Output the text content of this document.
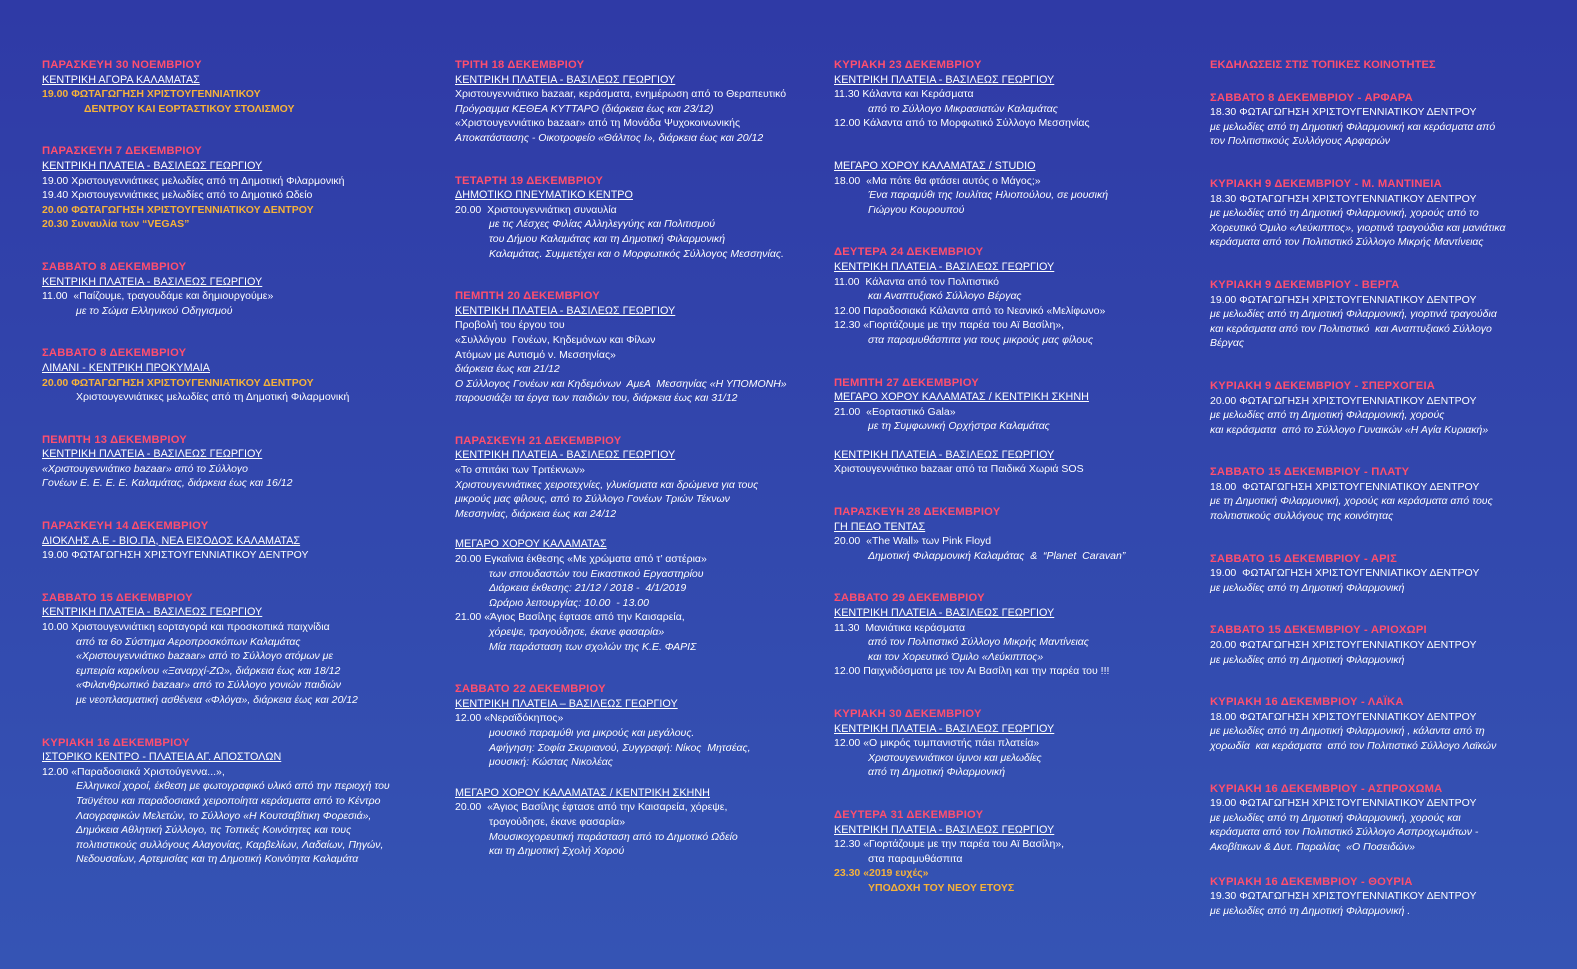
ΠΑΡΑΣΚΕΥΗ 30 ΝΟΕΜΒΡΙΟΥ
ΚΕΝΤΡΙΚΗ ΑΓΟΡΑ ΚΑΛΑΜΑΤΑΣ
19.00 ΦΩΤΑΓΩΓΗΣΗ ΧΡΙΣΤΟΥΓΕΝΝΙΑΤΙΚΟΥ
ΔΕΝΤΡΟΥ ΚΑΙ ΕΟΡΤΑΣΤΙΚΟΥ ΣΤΟΛΙΣΜΟΥ
ΠΑΡΑΣΚΕΥΗ 7 ΔΕΚΕΜΒΡΙΟΥ
ΚΕΝΤΡΙΚΗ ΠΛΑΤΕΙΑ - ΒΑΣΙΛΕΩΣ ΓΕΩΡΓΙΟΥ
19.00 Χριστουγεννιάτικες μελωδίες από τη Δημοτική Φιλαρμονική
19.40 Χριστουγεννιάτικες μελωδίες από το Δημοτικό Ωδείο
20.00 ΦΩΤΑΓΩΓΗΣΗ ΧΡΙΣΤΟΥΓΕΝΝΙΑΤΙΚΟΥ ΔΕΝΤΡΟΥ
20.30 Συναυλία των “VEGAS”
ΣΑΒΒΑΤΟ 8 ΔΕΚΕΜΒΡΙΟΥ
ΚΕΝΤΡΙΚΗ ΠΛΑΤΕΙΑ - ΒΑΣΙΛΕΩΣ ΓΕΩΡΓΙΟΥ
11.00  «Παίζουμε, τραγουδάμε και δημιουργούμε»
με το Σώμα Ελληνικού Οδηγισμού
ΣΑΒΒΑΤΟ 8 ΔΕΚΕΜΒΡΙΟΥ
ΛΙΜΑΝΙ - ΚΕΝΤΡΙΚΗ ΠΡΟΚΥΜΑΙΑ
20.00 ΦΩΤΑΓΩΓΗΣΗ ΧΡΙΣΤΟΥΓΕΝΝΙΑΤΙΚΟΥ ΔΕΝΤΡΟΥ
Χριστουγεννιάτικες μελωδίες από τη Δημοτική Φιλαρμονική
ΠΕΜΠΤΗ 13 ΔΕΚΕΜΒΡΙΟΥ
ΚΕΝΤΡΙΚΗ ΠΛΑΤΕΙΑ - ΒΑΣΙΛΕΩΣ ΓΕΩΡΓΙΟΥ
«Χριστουγεννιάτικο bazaar» από το Σύλλογο
Γονέων Ε. Ε. Ε. Ε. Καλαμάτας, διάρκεια έως και 16/12
ΠΑΡΑΣΚΕΥΗ 14 ΔΕΚΕΜΒΡΙΟΥ
ΔΙΟΚΛΗΣ Α.Ε - ΒΙΟ.ΠΑ, ΝΕΑ ΕΙΣΟΔΟΣ ΚΑΛΑΜΑΤΑΣ
19.00 ΦΩΤΑΓΩΓΗΣΗ ΧΡΙΣΤΟΥΓΕΝΝΙΑΤΙΚΟΥ ΔΕΝΤΡΟΥ
ΣΑΒΒΑΤΟ 15 ΔΕΚΕΜΒΡΙΟΥ
ΚΕΝΤΡΙΚΗ ΠΛΑΤΕΙΑ - ΒΑΣΙΛΕΩΣ ΓΕΩΡΓΙΟΥ
10.00 Χριστουγεννιάτικη εορταγορά και προσκοπικά παιχνίδια
από τα 6ο Σύστημα Αεροπροσκόπων Καλαμάτας
«Χριστουγεννιάτικο bazaar» από το Σύλλογο ατόμων με
εμπειρία καρκίνου «Ξαναρχί-ΖΩ», διάρκεια έως και 18/12
«Φιλανθρωπικό bazaar» από το Σύλλογο γονιών παιδιών
με νεοπλασματική ασθένεια «Φλόγα», διάρκεια έως και 20/12
ΚΥΡΙΑΚΗ 16 ΔΕΚΕΜΒΡΙΟΥ
ΙΣΤΟΡΙΚΟ ΚΕΝΤΡΟ - ΠΛΑΤΕΙΑ ΑΓ. ΑΠΟΣΤΟΛΩΝ
12.00 «Παραδοσιακά Χριστούγεννα...»,
Ελληνικοί χοροί, έκθεση με φωτογραφικό υλικό από την περιοχή του
Ταϋγέτου και παραδοσιακά χειροποίητα κεράσματα από το Κέντρο
Λαογραφικών Μελετών, το Σύλλογο «Η Κουτσαβίτικη Φορεσιά»,
Δημόκεια Αθλητική Σύλλογο, τις Τοπικές Κοινότητες και τους
πολιτιστικούς συλλόγους Αλαγονίας, Καρβελίων, Λαδαίων, Πηγών,
Νεδουσαίων, Αρτεμισίας και τη Δημοτική Κοινότητα Καλαμάτα
ΤΡΙΤΗ 18 ΔΕΚΕΜΒΡΙΟΥ
ΚΕΝΤΡΙΚΗ ΠΛΑΤΕΙΑ - ΒΑΣΙΛΕΩΣ ΓΕΩΡΓΙΟΥ
Χριστουγεννιάτικο bazaar, κεράσματα, ενημέρωση από το Θεραπευτικό
Πρόγραμμα ΚΕΘΕΑ ΚΥΤΤΑΡΟ (διάρκεια έως και 23/12)
«Χριστουγεννιάτικο bazaar» από τη Μονάδα Ψυχοκοινωνικής
Αποκατάστασης - Οικοτροφείο «Θάλπος Ι», διάρκεια έως και 20/12
ΤΕΤΑΡΤΗ 19 ΔΕΚΕΜΒΡΙΟΥ
ΔΗΜΟΤΙΚΟ ΠΝΕΥΜΑΤΙΚΟ ΚΕΝΤΡΟ
20.00  Χριστουγεννιάτικη συναυλία
με τις Λέσχες Φιλίας Αλληλεγγύης και Πολιτισμού
του Δήμου Καλαμάτας και τη Δημοτική Φιλαρμονική
Καλαμάτας. Συμμετέχει και ο Μορφωτικός Σύλλογος Μεσσηνίας.
ΠΕΜΠΤΗ 20 ΔΕΚΕΜΒΡΙΟΥ
ΚΕΝΤΡΙΚΗ ΠΛΑΤΕΙΑ - ΒΑΣΙΛΕΩΣ ΓΕΩΡΓΙΟΥ
Προβολή του έργου του
«Συλλόγου  Γονέων, Κηδεμόνων και Φίλων
Ατόμων με Αυτισμό ν. Μεσσηνίας»
διάρκεια έως και 21/12
Ο Σύλλογος Γονέων και Κηδεμόνων  ΑμεΑ  Μεσσηνίας «Η ΥΠΟΜΟΝΗ»
παρουσιάζει τα έργα των παιδιών του, διάρκεια έως και 31/12
ΠΑΡΑΣΚΕΥΗ 21 ΔΕΚΕΜΒΡΙΟΥ
ΚΕΝΤΡΙΚΗ ΠΛΑΤΕΙΑ - ΒΑΣΙΛΕΩΣ ΓΕΩΡΓΙΟΥ
«Το σπιτάκι των Τριτέκνων»
Χριστουγεννιάτικες χειροτεχνίες, γλυκίσματα και δρώμενα για τους
μικρούς μας φίλους, από το Σύλλογο Γονέων Τριών Τέκνων
Μεσσηνίας, διάρκεια έως και 24/12
ΜΕΓΑΡΟ ΧΟΡΟΥ ΚΑΛΑΜΑΤΑΣ
20.00 Εγκαίνια έκθεσης «Με χρώματα από τ’ αστέρια»
των σπουδαστών του Εικαστικού Εργαστηρίου
Διάρκεια έκθεσης: 21/12 / 2018 -  4/1/2019
Ωράριο λειτουργίας: 10.00  - 13.00
21.00 «Άγιος Βασίλης έφτασε από την Καισαρεία,
χόρεψε, τραγούδησε, έκανε φασαρία»
Μία παράσταση των σχολών της Κ.Ε. ΦΑΡΙΣ
ΣΑΒΒΑΤΟ 22 ΔΕΚΕΜΒΡΙΟΥ
ΚΕΝΤΡΙΚΗ ΠΛΑΤΕΙΑ – ΒΑΣΙΛΕΩΣ ΓΕΩΡΓΙΟΥ
12.00 «Νεραϊδόκηπος»
μουσικό παραμύθι για μικρούς και μεγάλους.
Αφήγηση: Σοφία Σκυριανού, Συγγραφή: Νίκος  Μητσέας,
μουσική: Κώστας Νικολέας
ΜΕΓΑΡΟ ΧΟΡΟΥ ΚΑΛΑΜΑΤΑΣ / ΚΕΝΤΡΙΚΗ ΣΚΗΝΗ
20.00  «Άγιος Βασίλης έφτασε από την Καισαρεία, χόρεψε,
τραγούδησε, έκανε φασαρία»
Μουσικοχορευτική παράσταση από το Δημοτικό Ωδείο
και τη Δημοτική Σχολή Χορού
ΚΥΡΙΑΚΗ 23 ΔΕΚΕΜΒΡΙΟΥ
ΚΕΝΤΡΙΚΗ ΠΛΑΤΕΙΑ - ΒΑΣΙΛΕΩΣ ΓΕΩΡΓΙΟΥ
11.30 Κάλαντα και Κεράσματα
από το Σύλλογο Μικρασιατών Καλαμάτας
12.00 Κάλαντα από το Μορφωτικό Σύλλογο Μεσσηνίας
ΜΕΓΑΡΟ ΧΟΡΟΥ ΚΑΛΑΜΑΤΑΣ / STUDIO
18.00  «Μα πότε θα φτάσει αυτός ο Μάγος;»
Ένα παραμύθι της Ιουλίτας Ηλιοπούλου, σε μουσική
Γιώργου Κουρουπού
ΔΕΥΤΕΡΑ 24 ΔΕΚΕΜΒΡΙΟΥ
ΚΕΝΤΡΙΚΗ ΠΛΑΤΕΙΑ - ΒΑΣΙΛΕΩΣ ΓΕΩΡΓΙΟΥ
11.00  Κάλαντα από τον Πολιτιστικό
και Αναπτυξιακό Σύλλογο Βέργας
12.00 Παραδοσιακά Κάλαντα από το Νεανικό «Μελίφωνο»
12.30 «Γιορτάζουμε με την παρέα του Αϊ Βασίλη»,
στα παραμυθάσπιτα για τους μικρούς μας φίλους
ΠΕΜΠΤΗ 27 ΔΕΚΕΜΒΡΙΟΥ
ΜΕΓΑΡΟ ΧΟΡΟΥ ΚΑΛΑΜΑΤΑΣ / ΚΕΝΤΡΙΚΗ ΣΚΗΝΗ
21.00  «Εορταστικό Gala»
με τη Συμφωνική Ορχήστρα Καλαμάτας
ΚΕΝΤΡΙΚΗ ΠΛΑΤΕΙΑ - ΒΑΣΙΛΕΩΣ ΓΕΩΡΓΙΟΥ
Χριστουγεννιάτικο bazaar από τα Παιδικά Χωριά SOS
ΠΑΡΑΣΚΕΥΗ 28 ΔΕΚΕΜΒΡΙΟΥ
ΓΗ ΠΕΔΟ ΤΕΝΤΑΣ
20.00  «The Wall» των Pink Floyd
Δημοτική Φιλαρμονική Καλαμάτας  &  “Planet  Caravan”
ΣΑΒΒΑΤΟ 29 ΔΕΚΕΜΒΡΙΟΥ
ΚΕΝΤΡΙΚΗ ΠΛΑΤΕΙΑ - ΒΑΣΙΛΕΩΣ ΓΕΩΡΓΙΟΥ
11.30  Μανιάτικα κεράσματα
από τον Πολιτιστικό Σύλλογο Μικρής Μαντίνειας
και τον Χορευτικό Όμιλο «Λεύκιππος»
12.00 Παιχνιδόσματα με τον Αι Βασίλη και την παρέα του !!!
ΚΥΡΙΑΚΗ 30 ΔΕΚΕΜΒΡΙΟΥ
ΚΕΝΤΡΙΚΗ ΠΛΑΤΕΙΑ - ΒΑΣΙΛΕΩΣ ΓΕΩΡΓΙΟΥ
12.00 «Ο μικρός τυμπανιστής πάει πλατεία»
Χριστουγεννιάτικοι ύμνοι και μελωδίες
από τη Δημοτική Φιλαρμονική
ΔΕΥΤΕΡΑ 31 ΔΕΚΕΜΒΡΙΟΥ
ΚΕΝΤΡΙΚΗ ΠΛΑΤΕΙΑ - ΒΑΣΙΛΕΩΣ ΓΕΩΡΓΙΟΥ
12.30 «Γιορτάζουμε με την παρέα του Αϊ Βασίλη»,
στα παραμυθάσπιτα
23.30 «2019 ευχές»
ΥΠΟΔΟΧΗ ΤΟΥ ΝΕΟΥ ΕΤΟΥΣ
ΕΚΔΗΛΩΣΕΙΣ ΣΤΙΣ ΤΟΠΙΚΕΣ ΚΟΙΝΟΤΗΤΕΣ
ΣΑΒΒΑΤΟ 8 ΔΕΚΕΜΒΡΙΟΥ - ΑΡΦΑΡΑ
18.30 ΦΩΤΑΓΩΓΗΣΗ ΧΡΙΣΤΟΥΓΕΝΝΙΑΤΙΚΟΥ ΔΕΝΤΡΟΥ
με μελωδίες από τη Δημοτική Φιλαρμονική και κεράσματα από
τον Πολιτιστικούς Συλλόγους Αρφαρών
ΚΥΡΙΑΚΗ 9 ΔΕΚΕΜΒΡΙΟΥ - Μ. ΜΑΝΤΙΝΕΙΑ
18.30 ΦΩΤΑΓΩΓΗΣΗ ΧΡΙΣΤΟΥΓΕΝΝΙΑΤΙΚΟΥ ΔΕΝΤΡΟΥ
με μελωδίες από τη Δημοτική Φιλαρμονική, χορούς από το
Χορευτικό Όμιλο «Λεύκιππος», γιορτινά τραγούδια και μανιάτικα
κεράσματα από τον Πολιτιστικό Σύλλογο Μικρής Μαντίνειας
ΚΥΡΙΑΚΗ 9 ΔΕΚΕΜΒΡΙΟΥ - ΒΕΡΓΑ
19.00 ΦΩΤΑΓΩΓΗΣΗ ΧΡΙΣΤΟΥΓΕΝΝΙΑΤΙΚΟΥ ΔΕΝΤΡΟΥ
με μελωδίες από τη Δημοτική Φιλαρμονική, γιορτινά τραγούδια
και κεράσματα από τον Πολιτιστικό  και Αναπτυξιακό Σύλλογο
Βέργας
ΚΥΡΙΑΚΗ 9 ΔΕΚΕΜΒΡΙΟΥ - ΣΠΕΡΧΟΓΕΙΑ
20.00 ΦΩΤΑΓΩΓΗΣΗ ΧΡΙΣΤΟΥΓΕΝΝΙΑΤΙΚΟΥ ΔΕΝΤΡΟΥ
με μελωδίες από τη Δημοτική Φιλαρμονική, χορούς
και κεράσματα  από το Σύλλογο Γυναικών «Η Αγία Κυριακή»
ΣΑΒΒΑΤΟ 15 ΔΕΚΕΜΒΡΙΟΥ - ΠΛΑΤΥ
18.00  ΦΩΤΑΓΩΓΗΣΗ ΧΡΙΣΤΟΥΓΕΝΝΙΑΤΙΚΟΥ ΔΕΝΤΡΟΥ
με τη Δημοτική Φιλαρμονική, χορούς και κεράσματα από τους
πολιτιστικούς συλλόγους της κοινότητας
ΣΑΒΒΑΤΟ 15 ΔΕΚΕΜΒΡΙΟΥ - ΑΡΙΣ
19.00  ΦΩΤΑΓΩΓΗΣΗ ΧΡΙΣΤΟΥΓΕΝΝΙΑΤΙΚΟΥ ΔΕΝΤΡΟΥ
με μελωδίες από τη Δημοτική Φιλαρμονική
ΣΑΒΒΑΤΟ 15 ΔΕΚΕΜΒΡΙΟΥ - ΑΡΙΟΧΩΡΙ
20.00 ΦΩΤΑΓΩΓΗΣΗ ΧΡΙΣΤΟΥΓΕΝΝΙΑΤΙΚΟΥ ΔΕΝΤΡΟΥ
με μελωδίες από τη Δημοτική Φιλαρμονική
ΚΥΡΙΑΚΗ 16 ΔΕΚΕΜΒΡΙΟΥ - ΛΑΪΚΑ
18.00 ΦΩΤΑΓΩΓΗΣΗ ΧΡΙΣΤΟΥΓΕΝΝΙΑΤΙΚΟΥ ΔΕΝΤΡΟΥ
με μελωδίες από τη Δημοτική Φιλαρμονική , κάλαντα από τη
χορωδία  και κεράσματα  από τον Πολιτιστικό Σύλλογο Λαϊκών
ΚΥΡΙΑΚΗ 16 ΔΕΚΕΜΒΡΙΟΥ - ΑΣΠΡΟΧΩΜΑ
19.00 ΦΩΤΑΓΩΓΗΣΗ ΧΡΙΣΤΟΥΓΕΝΝΙΑΤΙΚΟΥ ΔΕΝΤΡΟΥ
με μελωδίες από τη Δημοτική Φιλαρμονική, χορούς και
κεράσματα από τον Πολιτιστικό Σύλλογο Ασπροχωμάτων -
Ακοβίτικων & Δυτ. Παραλίας  «Ο Ποσειδών»
ΚΥΡΙΑΚΗ 16 ΔΕΚΕΜΒΡΙΟΥ - ΘΟΥΡΙΑ
19.30 ΦΩΤΑΓΩΓΗΣΗ ΧΡΙΣΤΟΥΓΕΝΝΙΑΤΙΚΟΥ ΔΕΝΤΡΟΥ
με μελωδίες από τη Δημοτική Φιλαρμονική .
